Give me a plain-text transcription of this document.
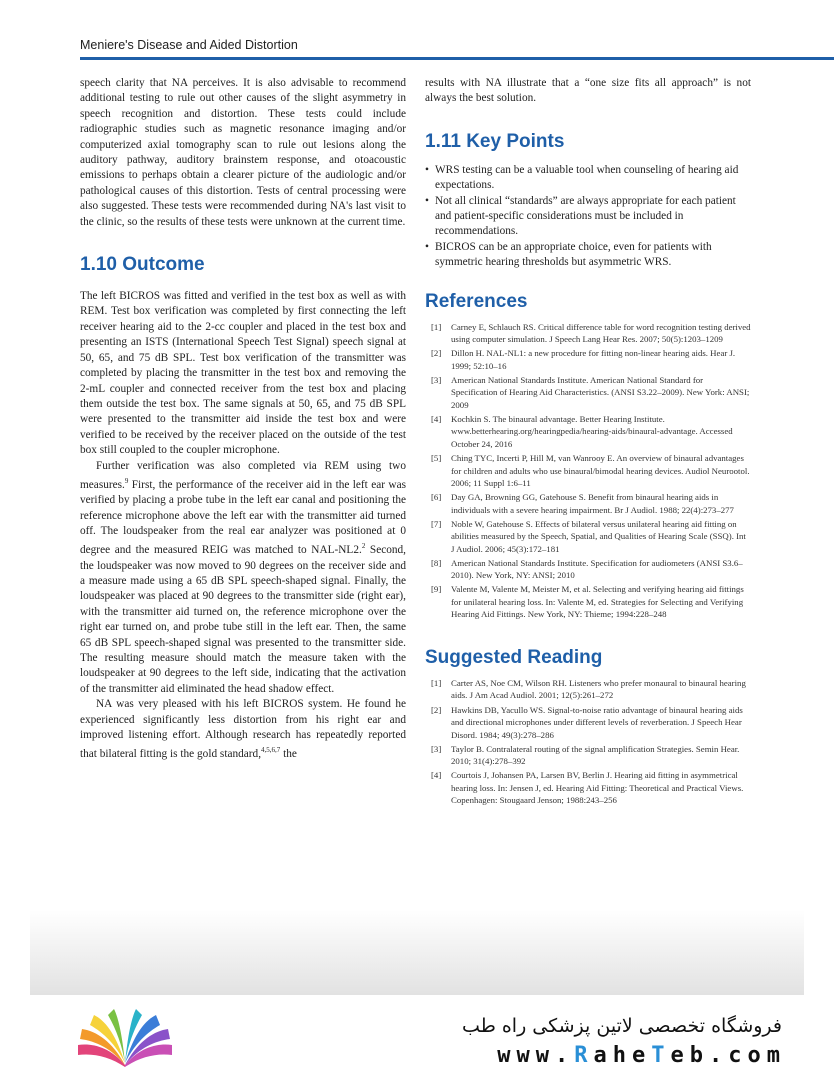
Meniere's Disease and Aided Distortion

speech clarity that NA perceives. It is also advisable to recommend additional testing to rule out other causes of the slight asymmetry in speech recognition and distortion. These tests could include radiographic studies such as magnetic resonance imaging and/or computerized axial tomography scan to rule out lesions along the auditory pathway, auditory brainstem response, and otoacoustic emissions to perhaps obtain a clearer picture of the audiologic and/or pathological causes of this distortion. Tests of central processing were also suggested. These tests were recommended during NA's last visit to the clinic, so the results of these tests were unknown at the current time.

1.10 Outcome

The left BICROS was fitted and verified in the test box as well as with REM. Test box verification was completed by first connecting the left receiver hearing aid to the 2-cc coupler and placed in the test box and presenting an ISTS (International Speech Test Signal) speech signal at 50, 65, and 75 dB SPL. Test box verification of the transmitter was completed by placing the transmitter in the test box and removing the 2-mL coupler and connected receiver from the test box and placing them outside the test box. The same signals at 50, 65, and 75 dB SPL were presented to the transmitter aid inside the test box and were verified to be received by the receiver placed on the outside of the test box still coupled to the coupler microphone.

Further verification was also completed via REM using two measures.$^9$ First, the performance of the receiver aid in the left ear was verified by placing a probe tube in the left ear canal and positioning the reference microphone above the left ear with the transmitter aid turned off. The loudspeaker from the real ear analyzer was positioned at 0 degree and the measured REIG was matched to NAL-NL2.$^2$ Second, the loudspeaker was now moved to 90 degrees on the receiver side and a measure made using a 65 dB SPL speech-shaped signal. Finally, the loudspeaker was placed at 90 degrees to the transmitter side (right ear), with the transmitter aid turned on, the reference microphone over the right ear turned on, and probe tube still in the left ear. Then, the same 65 dB SPL speech-shaped signal was presented to the transmitter side. The resulting measure should match the measure taken with the loudspeaker at 90 degrees to the left side, indicating that the activation of the transmitter aid eliminated the head shadow effect.

NA was very pleased with his left BICROS system. He found he experienced significantly less distortion from his right ear and improved listening effort. Although research has repeatedly reported that bilateral fitting is the gold standard,$^{4,5,6,7}$ the

results with NA illustrate that a “one size fits all approach” is not always the best solution.

1.11 Key Points
• WRS testing can be a valuable tool when counseling of hearing aid expectations.
• Not all clinical “standards” are always appropriate for each patient and patient-specific considerations must be included in recommendations.
• BICROS can be an appropriate choice, even for patients with symmetric hearing thresholds but asymmetric WRS.
References
[1]	Carney E, Schlauch RS. Critical difference table for word recognition testing derived using computer simulation. J Speech Lang Hear Res. 2007; 50(5):1203–1209
[2]	Dillon H. NAL-NL1: a new procedure for fitting non-linear hearing aids. Hear J. 1999; 52:10–16
[3]	American National Standards Institute. American National Standard for Specification of Hearing Aid Characteristics. (ANSI S3.22–2009). New York: ANSI; 2009
[4]	Kochkin S. The binaural advantage. Better Hearing Institute. www.betterhearing.org/hearingpedia/hearing-aids/binaural-advantage. Accessed October 24, 2016
[5]	Ching TYC, Incerti P, Hill M, van Wanrooy E. An overview of binaural advantages for children and adults who use binaural/bimodal hearing devices. Audiol Neurootol. 2006; 11 Suppl 1:6–11
[6]	Day GA, Browning GG, Gatehouse S. Benefit from binaural hearing aids in individuals with a severe hearing impairment. Br J Audiol. 1988; 22(4):273–277
[7]	Noble W, Gatehouse S. Effects of bilateral versus unilateral hearing aid fitting on abilities measured by the Speech, Spatial, and Qualities of Hearing Scale (SSQ). Int J Audiol. 2006; 45(3):172–181
[8]	American National Standards Institute. Specification for audiometers (ANSI S3.6–2010). New York, NY: ANSI; 2010
[9]	Valente M, Valente M, Meister M, et al. Selecting and verifying hearing aid fittings for unilateral hearing loss. In: Valente M, ed. Strategies for Selecting and Verifying Hearing Aid Fittings. New York, NY: Thieme; 1994:228–248
Suggested Reading
[1]	Carter AS, Noe CM, Wilson RH. Listeners who prefer monaural to binaural hearing aids. J Am Acad Audiol. 2001; 12(5):261–272
[2]	Hawkins DB, Yacullo WS. Signal-to-noise ratio advantage of binaural hearing aids and directional microphones under different levels of reverberation. J Speech Hear Disord. 1984; 49(3):278–286
[3]	Taylor B. Contralateral routing of the signal amplification Strategies. Semin Hear. 2010; 31(4):278–392
[4]	Courtois J, Johansen PA, Larsen BV, Berlin J. Hearing aid fitting in asymmetrical hearing loss. In: Jensen J, ed. Hearing Aid Fitting: Theoretical and Practical Views. Copenhagen: Stougaard Jenson; 1988:243–256
فروشگاه تخصصی لاتین پزشکی راه طب
www.RaheTeb.com
